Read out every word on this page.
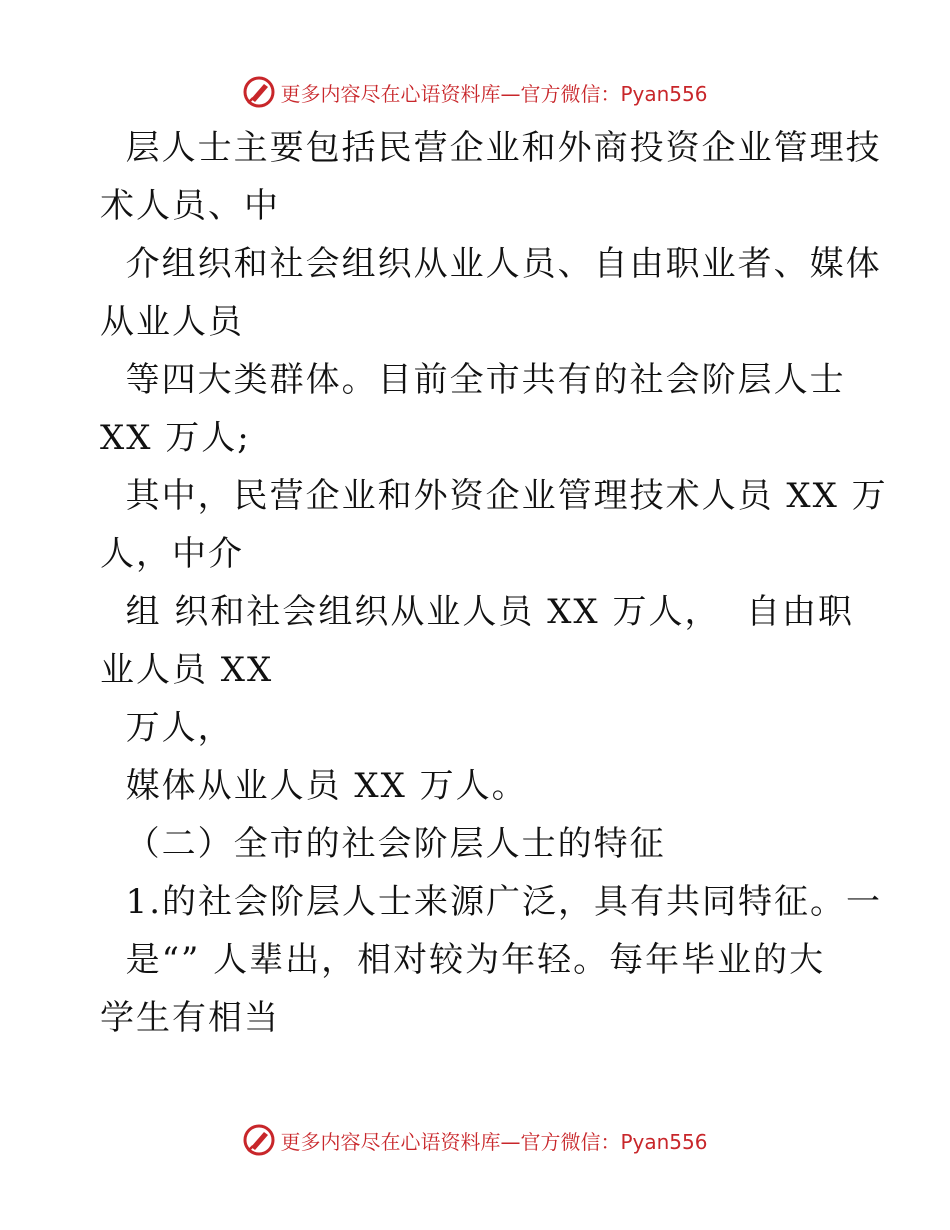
更多内容尽在心语资料库—官方微信：Pyan556
层人士主要包括民营企业和外商投资企业管理技
术人员、中
介组织和社会组织从业人员、自由职业者、媒体
从业人员
等四大类群体。目前全市共有的社会阶层人士
XX 万人;
其中，民营企业和外资企业管理技术人员 XX 万
人，中介
组 织和社会组织从业人员 XX 万人，  自由职
业人员 XX
万人，
媒体从业人员 XX 万人。
（二）全市的社会阶层人士的特征
1.的社会阶层人士来源广泛，具有共同特征。一
是“” 人辈出，相对较为年轻。每年毕业的大
学生有相当
更多内容尽在心语资料库—官方微信：Pyan556
